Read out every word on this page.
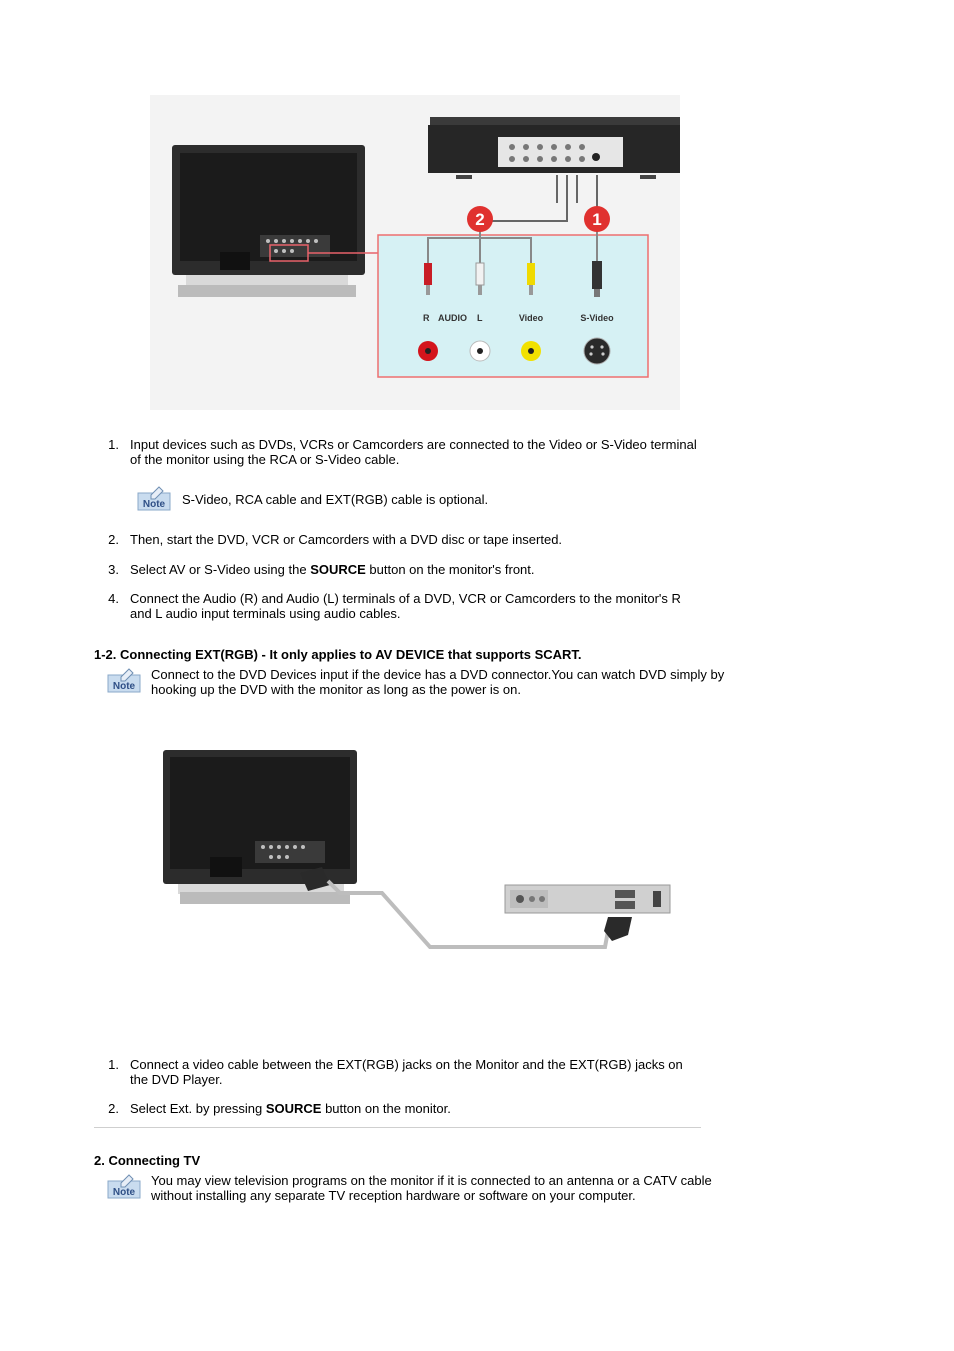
1
2
R AUDIO L	Video	S-Video
1. Input devices such as DVDs, VCRs or Camcorders are connected to the Video or S-Video terminal
of the monitor using the RCA or S-Video cable.
Note S-Video, RCA cable and EXT(RGB) cable is optional.
2. Then, start the DVD, VCR or Camcorders with a DVD disc or tape inserted.
3. Select AV or S-Video using the SOURCE button on the monitor's front.
4. Connect the Audio (R) and Audio (L) terminals of a DVD, VCR or Camcorders to the monitor's R
and L audio input terminals using audio cables.
1-2. Connecting EXT(RGB) - It only applies to AV DEVICE that supports SCART.
Note
Connect to the DVD Devices input if the device has a DVD connector.You can watch DVD simply by
hooking up the DVD with the monitor as long as the power is on.
1. Connect a video cable between the EXT(RGB) jacks on the Monitor and the EXT(RGB) jacks on
the DVD Player.
2. Select Ext. by pressing SOURCE button on the monitor.
2. Connecting TV
Note
You may view television programs on the monitor if it is connected to an antenna or a CATV cable
without installing any separate TV reception hardware or software on your computer.
